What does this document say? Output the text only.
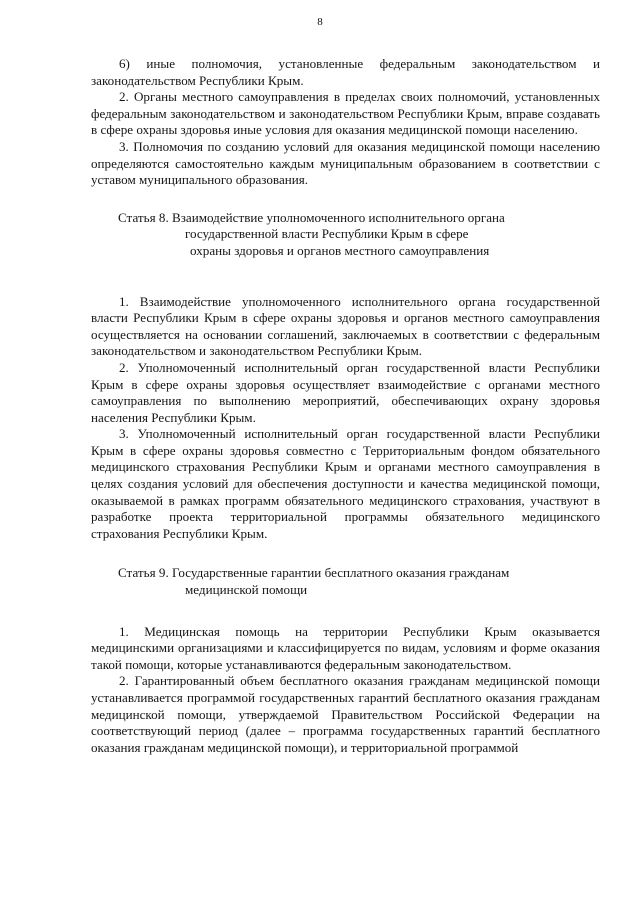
8

6) иные полномочия, установленные федеральным законодательством и законодательством Республики Крым.

2. Органы местного самоуправления в пределах своих полномочий, установленных федеральным законодательством и законодательством Республики Крым, вправе создавать в сфере охраны здоровья иные условия для оказания медицинской помощи населению.

3. Полномочия по созданию условий для оказания медицинской помощи населению определяются самостоятельно каждым муниципальным образованием в соответствии с уставом муниципального образования.

Статья 8. Взаимодействие уполномоченного исполнительного органа
государственной власти Республики Крым в сфере
охраны здоровья и органов местного самоуправления

1. Взаимодействие уполномоченного исполнительного органа государственной власти Республики Крым в сфере охраны здоровья и органов местного самоуправления осуществляется на основании соглашений, заключаемых в соответствии с федеральным законодательством и законодательством Республики Крым.

2. Уполномоченный исполнительный орган государственной власти Республики Крым в сфере охраны здоровья осуществляет взаимодействие с органами местного самоуправления по выполнению мероприятий, обеспечивающих охрану здоровья населения Республики Крым.

3. Уполномоченный исполнительный орган государственной власти Республики Крым в сфере охраны здоровья совместно с Территориальным фондом обязательного медицинского страхования Республики Крым и органами местного самоуправления в целях создания условий для обеспечения доступности и качества медицинской помощи, оказываемой в рамках программ обязательного медицинского страхования, участвуют в разработке проекта территориальной программы обязательного медицинского страхования Республики Крым.

Статья 9. Государственные гарантии бесплатного оказания гражданам
медицинской помощи

1. Медицинская помощь на территории Республики Крым оказывается медицинскими организациями и классифицируется по видам, условиям и форме оказания такой помощи, которые устанавливаются федеральным законодательством.

2. Гарантированный объем бесплатного оказания гражданам медицинской помощи устанавливается программой государственных гарантий бесплатного оказания гражданам медицинской помощи, утверждаемой Правительством Российской Федерации на соответствующий период (далее – программа государственных гарантий бесплатного оказания гражданам медицинской помощи), и территориальной программой
